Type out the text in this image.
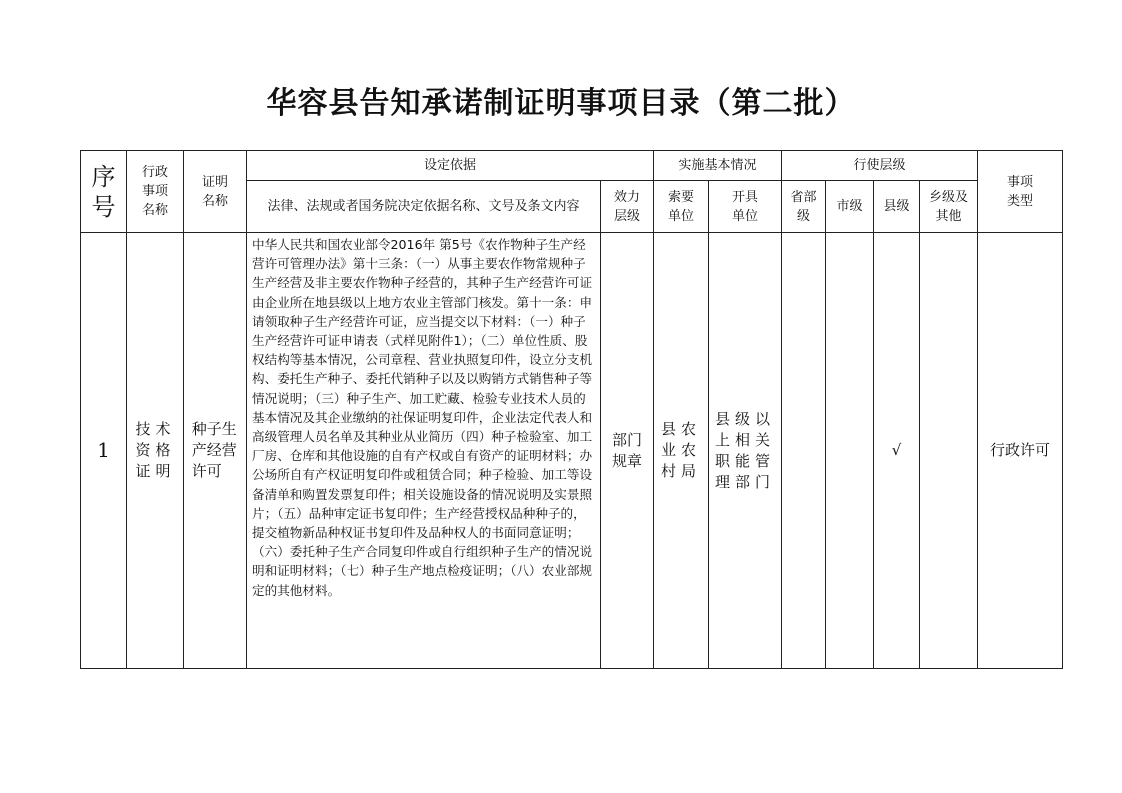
华容县告知承诺制证明事项目录（第二批）
序号	行政事项名称	证明名称	设定依据		实施基本情况		行使层级				事项类型
			法律、法规或者国务院决定依据名称、文号及条文内容	效力层级	索要单位	开具单位	省部级	市级	县级	乡级及其他	
1	技术资格证明	种子生产经营许可	中华人民共和国农业部令2016年 第5号《农作物种子生产经营许可管理办法》第十三条：（一）从事主要农作物常规种子生产经营及非主要农作物种子经营的，其种子生产经营许可证由企业所在地县级以上地方农业主管部门核发。第十一条：申请领取种子生产经营许可证，应当提交以下材料：（一）种子生产经营许可证申请表（式样见附件1）；（二）单位性质、股权结构等基本情况，公司章程、营业执照复印件，设立分支机构、委托生产种子、委托代销种子以及以购销方式销售种子等情况说明；（三）种子生产、加工贮藏、检验专业技术人员的基本情况及其企业缴纳的社保证明复印件，企业法定代表人和高级管理人员名单及其种业从业简历（四）种子检验室、加工厂房、仓库和其他设施的自有产权或自有资产的证明材料；办公场所自有产权证明复印件或租赁合同；种子检验、加工等设备清单和购置发票复印件；相关设施设备的情况说明及实景照片；（五）品种审定证书复印件；生产经营授权品种种子的，提交植物新品种权证书复印件及品种权人的书面同意证明；（六）委托种子生产合同复印件或自行组织种子生产的情况说明和证明材料；（七）种子生产地点检疫证明；（八）农业部规定的其他材料。	部门规章	县农业农村局	县级以上相关职能管理部门			√		行政许可
